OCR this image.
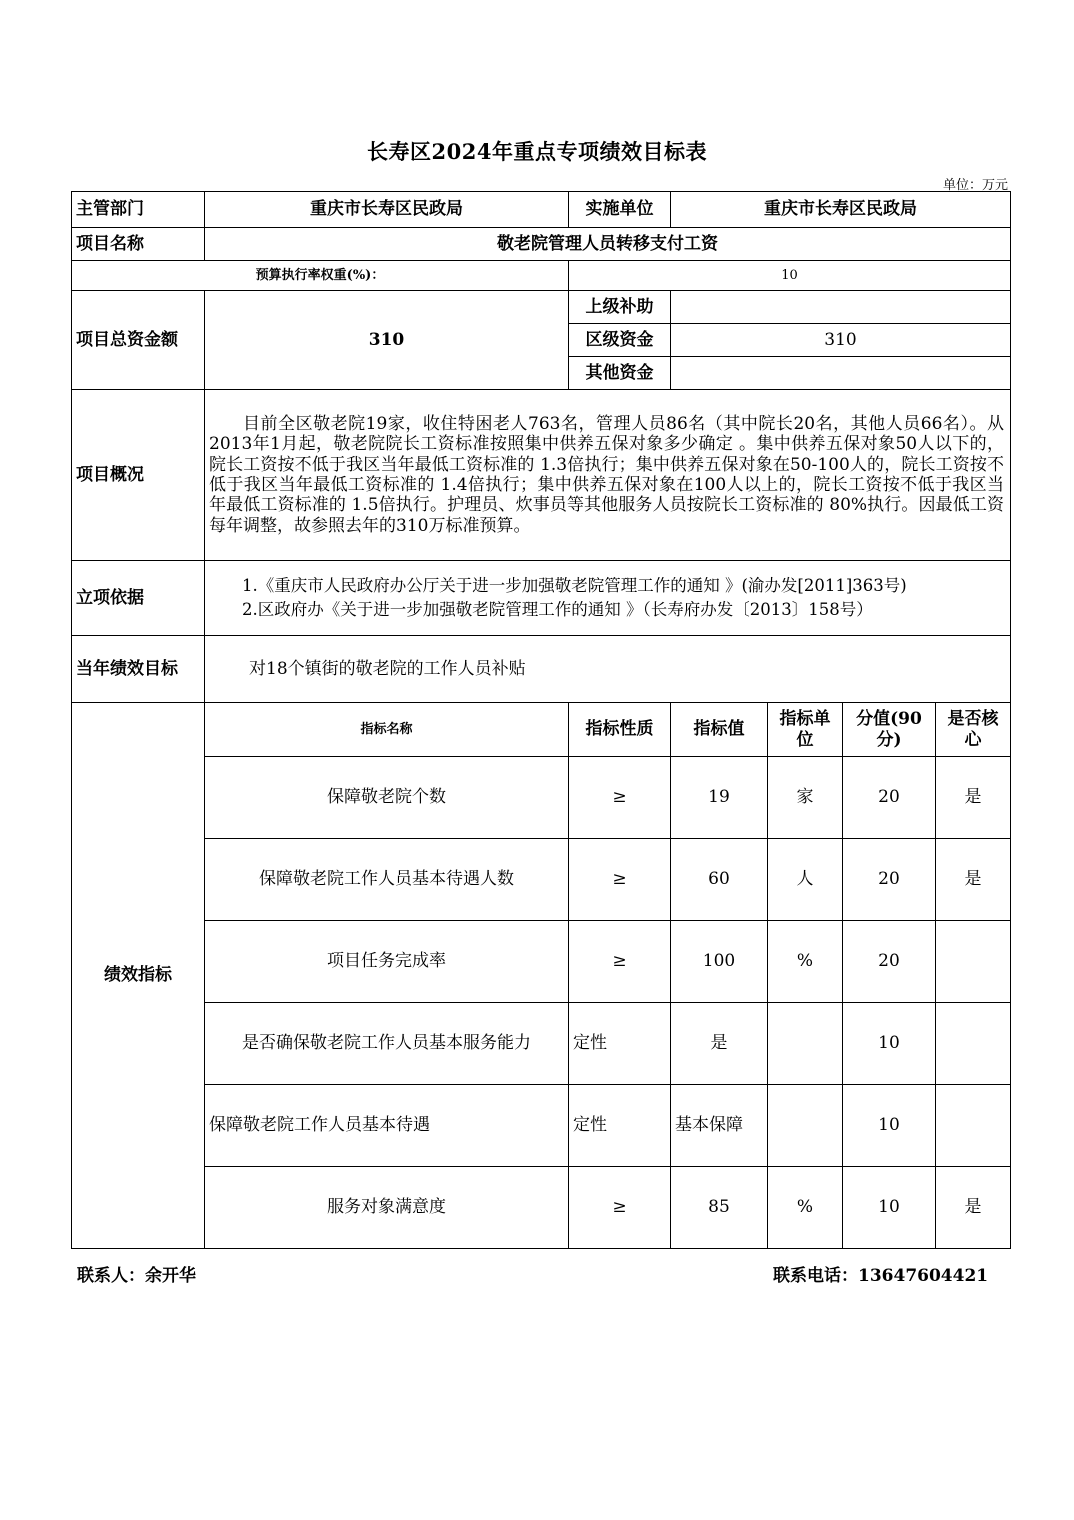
长寿区2024年重点专项绩效目标表
单位：万元
主管部门	重庆市长寿区民政局	实施单位	重庆市长寿区民政局			
项目名称	敬老院管理人员转移支付工资					
预算执行率权重(%)：		10				
项目总资金额	310	上级补助				
		区级资金	310			
		其他资金				
项目概况	目前全区敬老院19家，收住特困老人763名，管理人员86名（其中院长20名，其他人员66名）。从2013年1月起，敬老院院长工资标准按照集中供养五保对象多少确定 。集中供养五保对象50人以下的，院长工资按不低于我区当年最低工资标准的 1.3倍执行；集中供养五保对象在50-100人的，院长工资按不低于我区当年最低工资标准的 1.4倍执行；集中供养五保对象在100人以上的，院长工资按不低于我区当年最低工资标准的 1.5倍执行。护理员、炊事员等其他服务人员按院长工资标准的 80%执行。因最低工资每年调整，故参照去年的310万标准预算。					
立项依据	1.《重庆市人民政府办公厅关于进一步加强敬老院管理工作的通知 》(渝办发[2011]363号)

2.区政府办《关于进一步加强敬老院管理工作的通知 》（长寿府办发〔2013〕158号）					

当年绩效目标	对18个镇街的敬老院的工作人员补贴					
绩效指标	指标名称	指标性质	指标值	指标单位	分值(90分)	是否核心
	保障敬老院个数	≥	19	家	20	是
	保障敬老院工作人员基本待遇人数	≥	60	人	20	是
	项目任务完成率	≥	100	%	20	
	是否确保敬老院工作人员基本服务能力	定性	是		10	
	保障敬老院工作人员基本待遇	定性	基本保障		10	
	服务对象满意度	≥	85	%	10	是
联系人：余开华	联系电话：13647604421
